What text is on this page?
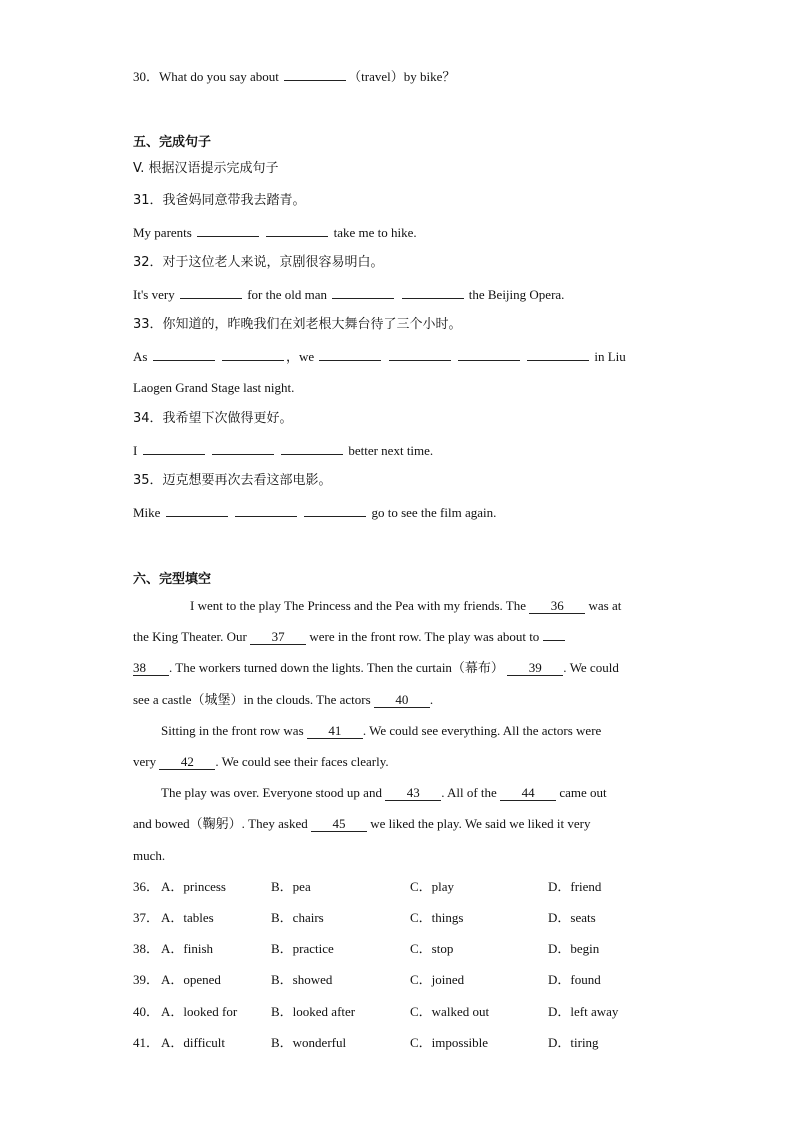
30．What do you say about	（travel）by bike？
五、完成句子
V. 根据汉语提示完成句子
31．我爸妈同意带我去踏青。
My parents	take me to hike.
32．对于这位老人来说，京剧很容易明白。
It's very	for the old man	the Beijing Opera.
33．你知道的，昨晚我们在刘老根大舞台待了三个小时。
As	，we	in Liu
Laogen Grand Stage last night.
34．我希望下次做得更好。
I	better next time.
35．迈克想要再次去看这部电影。
Mike	go to see the film again.
六、完型填空
I went to the play The Princess and the Pea with my friends. The 36 was at
the King Theater. Our 37 were in the front row. The play was about to
38 . The workers turned down the lights. Then the curtain（幕布） 39 . We could
see a castle（城堡）in the clouds. The actors 40 .
Sitting in the front row was 41 . We could see everything. All the actors were
very 42 . We could see their faces clearly.
The play was over. Everyone stood up and 43 . All of the 44 came out
and bowed（鞠躬）. They asked 45 we liked the play. We said we liked it very
much.
36． A．princess	B．pea	C．play	D．friend
37． A．tables	B．chairs	C．things	D．seats
38． A．finish	B．practice	C．stop	D．begin
39． A．opened	B．showed	C．joined	D．found
40． A．looked for	B．looked after	C．walked out	D．left away
41． A．difficult	B．wonderful	C．impossible	D．tiring
